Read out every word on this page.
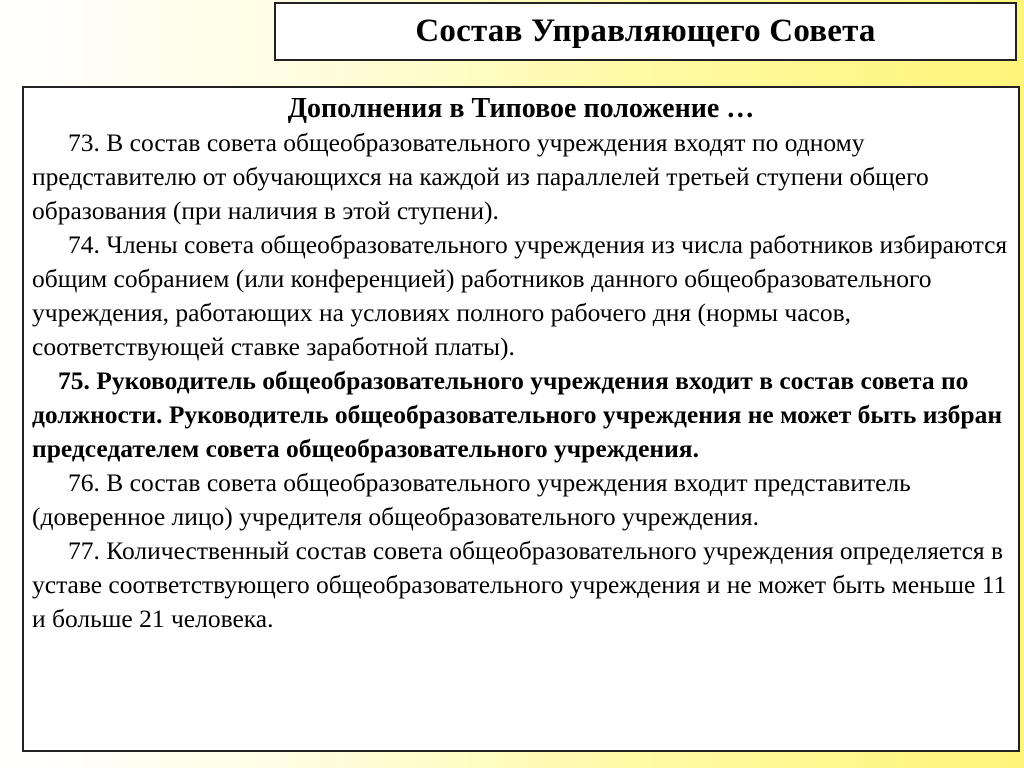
Состав Управляющего Совета

Дополнения в Типовое положение …

73. В состав совета общеобразовательного учреждения входят по одному представителю от обучающихся на каждой из параллелей третьей ступени общего образования (при наличия в этой ступени).

74. Члены совета общеобразовательного учреждения из числа работников избираются общим собранием (или конференцией) работников данного общеобразовательного учреждения, работающих на условиях полного рабочего дня (нормы часов, соответствующей ставке заработной платы).

75. Руководитель общеобразовательного учреждения входит в состав совета по должности. Руководитель общеобразовательного учреждения не может быть избран председателем совета общеобразовательного учреждения.

76. В состав совета общеобразовательного учреждения входит представитель (доверенное лицо) учредителя общеобразовательного учреждения.

77. Количественный состав совета общеобразовательного учреждения определяется в уставе соответствующего общеобразовательного учреждения и не может быть меньше 11 и больше 21 человека.
